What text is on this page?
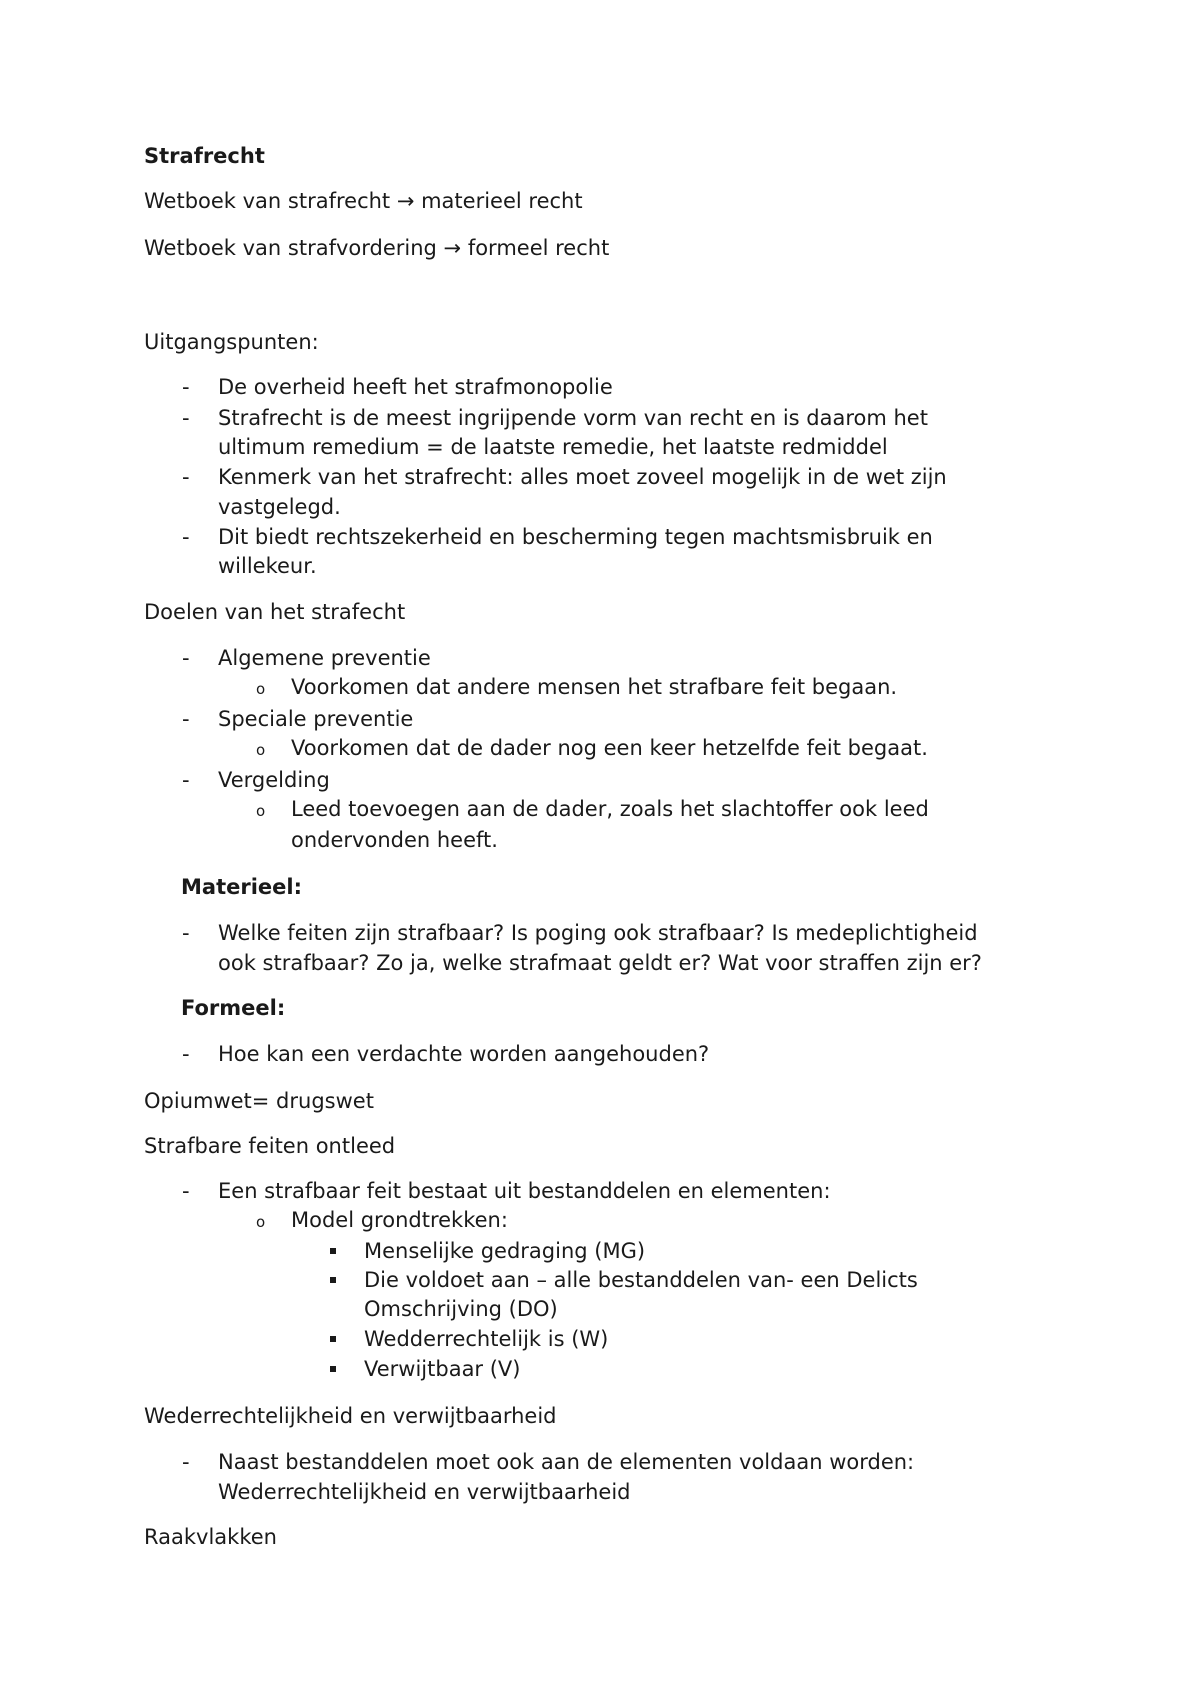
Strafrecht
Wetboek van strafrecht → materieel recht
Wetboek van strafvordering → formeel recht
Uitgangspunten:
- De overheid heeft het strafmonopolie
- Strafrecht is de meest ingrijpende vorm van recht en is daarom het
ultimum remedium = de laatste remedie, het laatste redmiddel
- Kenmerk van het strafrecht: alles moet zoveel mogelijk in de wet zijn
vastgelegd.
- Dit biedt rechtszekerheid en bescherming tegen machtsmisbruik en
willekeur.
Doelen van het strafecht
- Algemene preventie
o Voorkomen dat andere mensen het strafbare feit begaan.
- Speciale preventie
o Voorkomen dat de dader nog een keer hetzelfde feit begaat.
- Vergelding
o Leed toevoegen aan de dader, zoals het slachtoffer ook leed
ondervonden heeft.
Materieel:
- Welke feiten zijn strafbaar? Is poging ook strafbaar? Is medeplichtigheid
ook strafbaar? Zo ja, welke strafmaat geldt er? Wat voor straffen zijn er?
Formeel:
- Hoe kan een verdachte worden aangehouden?
Opiumwet= drugswet
Strafbare feiten ontleed
- Een strafbaar feit bestaat uit bestanddelen en elementen:
o Model grondtrekken:
Menselijke gedraging (MG)
Die voldoet aan – alle bestanddelen van- een Delicts
Omschrijving (DO)
Wedderrechtelijk is (W)
Verwijtbaar (V)
Wederrechtelijkheid en verwijtbaarheid
- Naast bestanddelen moet ook aan de elementen voldaan worden:
Wederrechtelijkheid en verwijtbaarheid
Raakvlakken
